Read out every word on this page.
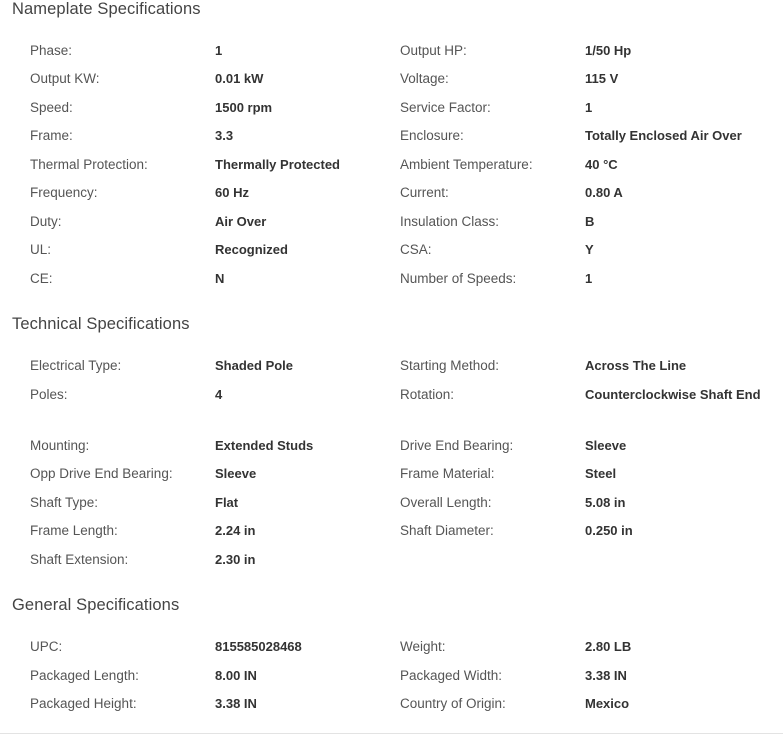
Nameplate Specifications
Phase:	1	Output HP:	1/50 Hp
Output KW:	0.01 kW	Voltage:	115 V
Speed:	1500 rpm	Service Factor:	1
Frame:	3.3	Enclosure:	Totally Enclosed Air Over
Thermal Protection:	Thermally Protected	Ambient Temperature:	40 °C
Frequency:	60 Hz	Current:	0.80 A
Duty:	Air Over	Insulation Class:	B
UL:	Recognized	CSA:	Y
CE:	N	Number of Speeds:	1
Technical Specifications
Electrical Type:	Shaded Pole	Starting Method:	Across The Line
Poles:	4	Rotation:	Counterclockwise Shaft End
Mounting:	Extended Studs	Drive End Bearing:	Sleeve
Opp Drive End Bearing:	Sleeve	Frame Material:	Steel
Shaft Type:	Flat	Overall Length:	5.08 in
Frame Length:	2.24 in	Shaft Diameter:	0.250 in
Shaft Extension:	2.30 in
General Specifications
UPC:	815585028468	Weight:	2.80 LB
Packaged Length:	8.00 IN	Packaged Width:	3.38 IN
Packaged Height:	3.38 IN	Country of Origin:	Mexico
